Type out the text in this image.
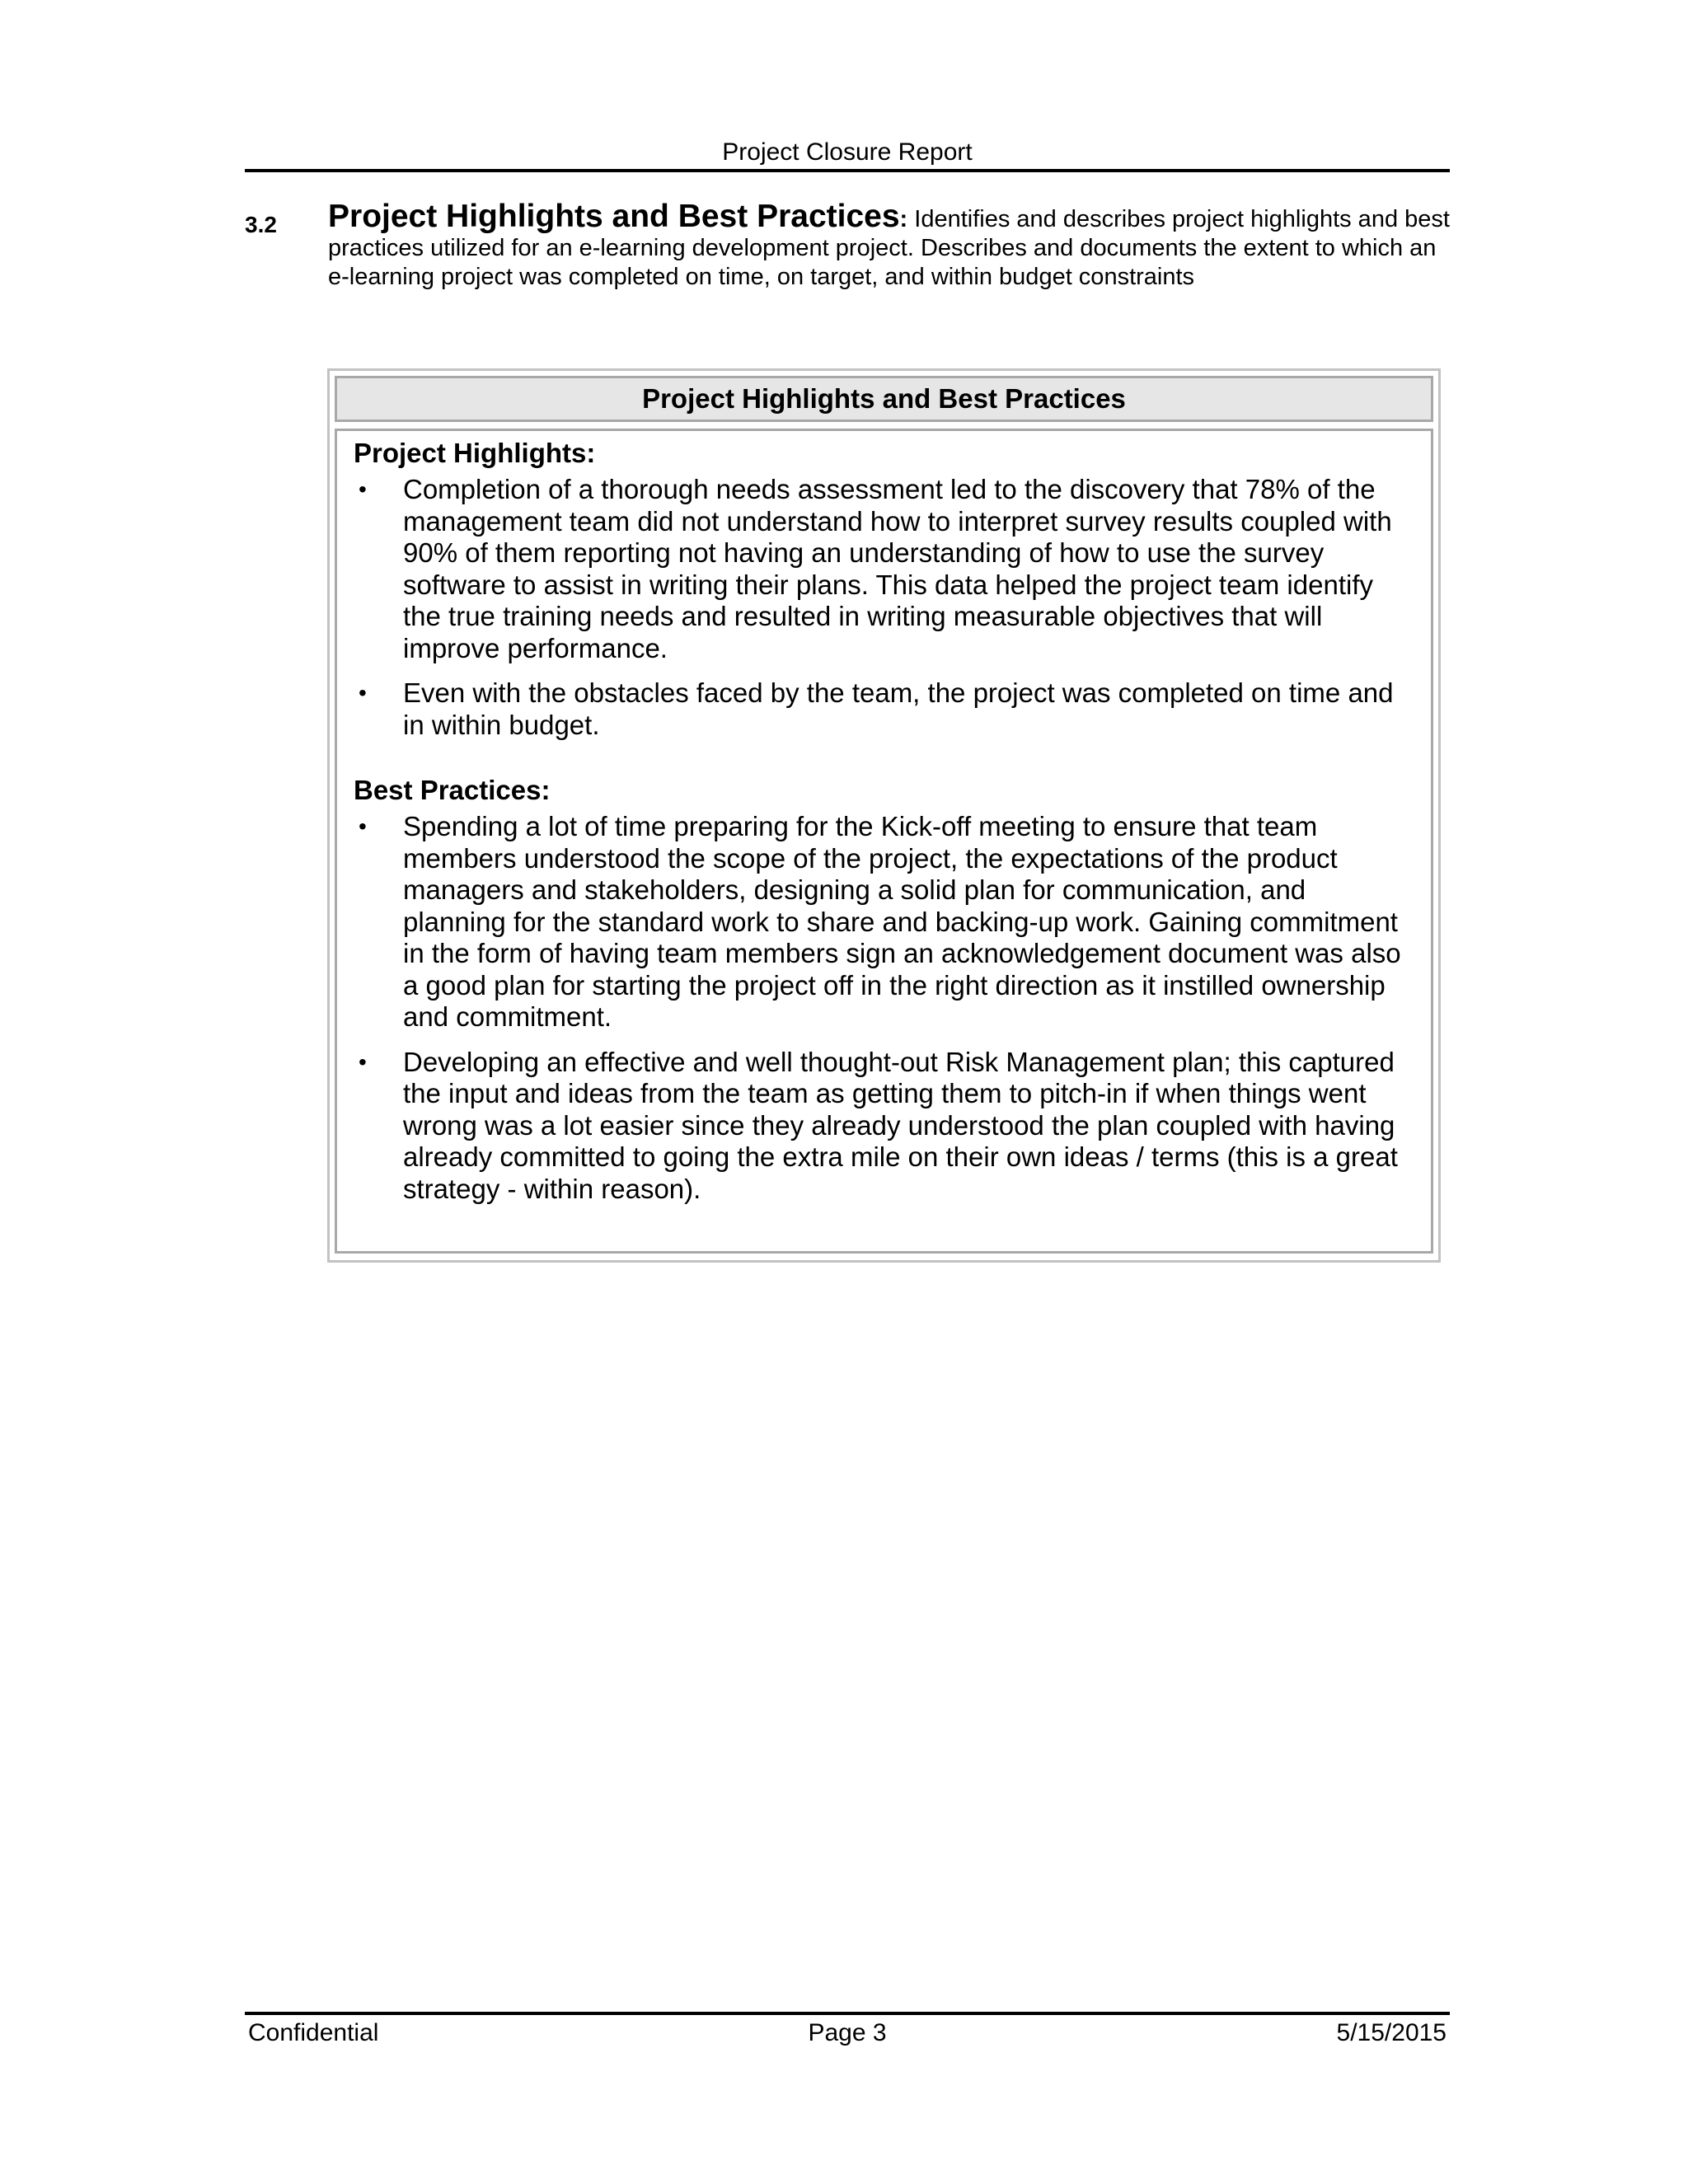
Project Closure Report
3.2 Project Highlights and Best Practices: Identifies and describes project highlights and best practices utilized for an e-learning development project. Describes and documents the extent to which an e-learning project was completed on time, on target, and within budget constraints
Project Highlights and Best Practices

Project Highlights:

• Completion of a thorough needs assessment led to the discovery that 78% of the management team did not understand how to interpret survey results coupled with 90% of them reporting not having an understanding of how to use the survey software to assist in writing their plans. This data helped the project team identify the true training needs and resulted in writing measurable objectives that will improve performance.
• Even with the obstacles faced by the team, the project was completed on time and in within budget.

Best Practices:

• Spending a lot of time preparing for the Kick-off meeting to ensure that team members understood the scope of the project, the expectations of the product managers and stakeholders, designing a solid plan for communication, and planning for the standard work to share and backing-up work. Gaining commitment in the form of having team members sign an acknowledgement document was also a good plan for starting the project off in the right direction as it instilled ownership and commitment.
• Developing an effective and well thought-out Risk Management plan; this captured the input and ideas from the team as getting them to pitch-in if when things went wrong was a lot easier since they already understood the plan coupled with having already committed to going the extra mile on their own ideas / terms (this is a great strategy - within reason).
Confidential	Page 3	5/15/2015
